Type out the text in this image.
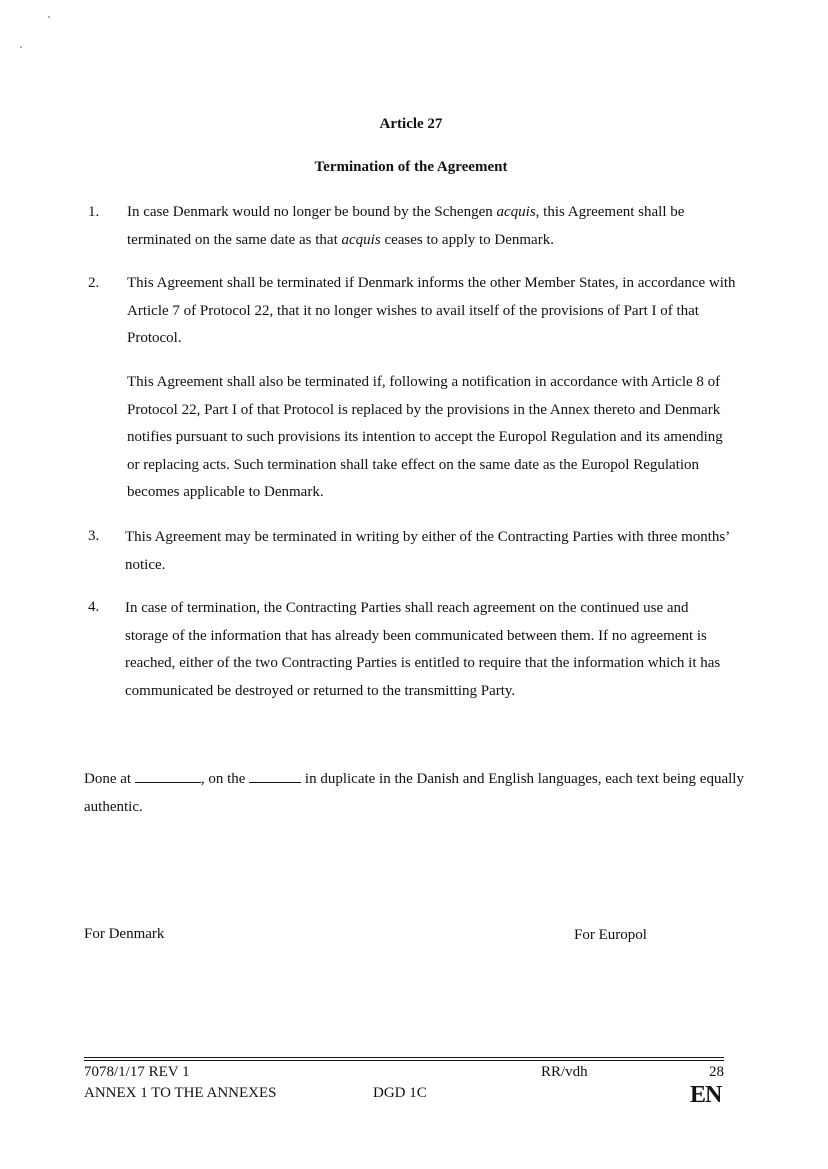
Article 27
Termination of the Agreement
1. In case Denmark would no longer be bound by the Schengen acquis, this Agreement shall be terminated on the same date as that acquis ceases to apply to Denmark.
2. This Agreement shall be terminated if Denmark informs the other Member States, in accordance with Article 7 of Protocol 22, that it no longer wishes to avail itself of the provisions of Part I of that Protocol.
This Agreement shall also be terminated if, following a notification in accordance with Article 8 of Protocol 22, Part I of that Protocol is replaced by the provisions in the Annex thereto and Denmark notifies pursuant to such provisions its intention to accept the Europol Regulation and its amending or replacing acts. Such termination shall take effect on the same date as the Europol Regulation becomes applicable to Denmark.
3. This Agreement may be terminated in writing by either of the Contracting Parties with three months’ notice.
4. In case of termination, the Contracting Parties shall reach agreement on the continued use and storage of the information that has already been communicated between them. If no agreement is reached, either of the two Contracting Parties is entitled to require that the information which it has communicated be destroyed or returned to the transmitting Party.
Done at	, on the	in duplicate in the Danish and English languages, each text being equally authentic.
For Denmark	For Europol
7078/1/17 REV 1
ANNEX 1 TO THE ANNEXES	DGD 1C
RR/vdh	28
EN
